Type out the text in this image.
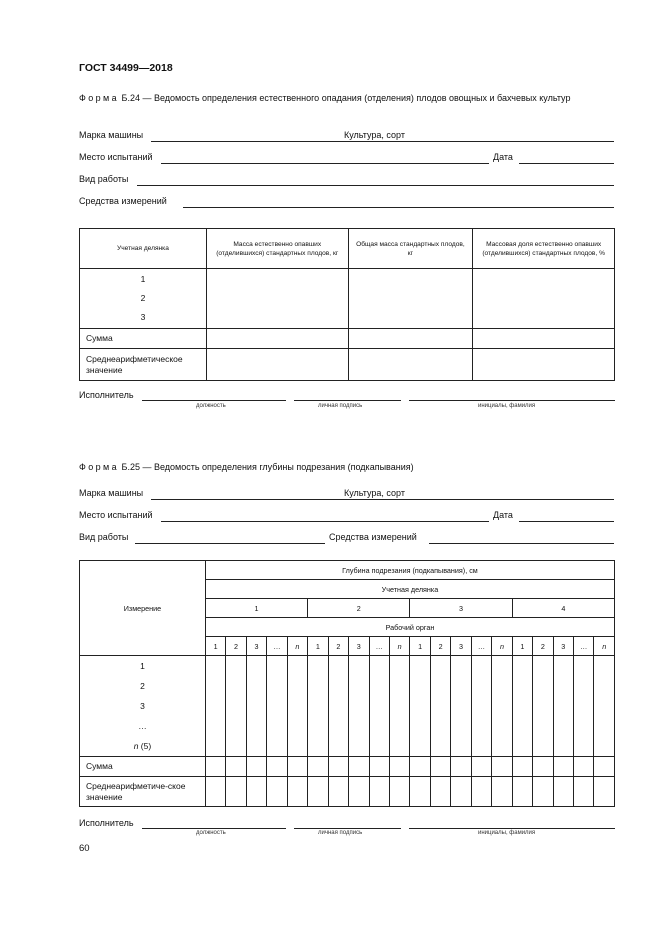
ГОСТ 34499—2018
Форма Б.24 — Ведомость определения естественного опадания (отделения) плодов овощных и бахчевых культур
Марка машины	Культура, сорт
Место испытаний	Дата
Вид работы
Средства измерений
Учетная делянка	Масса естественно опавших (отделившихся) стандартных плодов, кг	Общая масса стандартных плодов, кг	Массовая доля естественно опавших (отделившихся) стандартных плодов, %

1
2
3			

Сумма			
Среднеарифметическое значение			
Исполнитель
должность	личная подпись	инициалы, фамилия
Форма Б.25 — Ведомость определения глубины подрезания (подкапывания)
Марка машины	Культура, сорт
Место испытаний	Дата
Вид работы	Средства измерений
Измерение	Глубина подрезания (подкапывания), см																			
	Учетная делянка																			
	1					2					3					4				
	Рабочий орган																			
	1	2	3	…	n	1	2	3	…	n	1	2	3	…	n	1	2	3	…	n

1
2
3
…
n (5)																				

Сумма																				
Среднеарифметиче-ское значение																				
Исполнитель
должность	личная подпись	инициалы, фамилия
60
